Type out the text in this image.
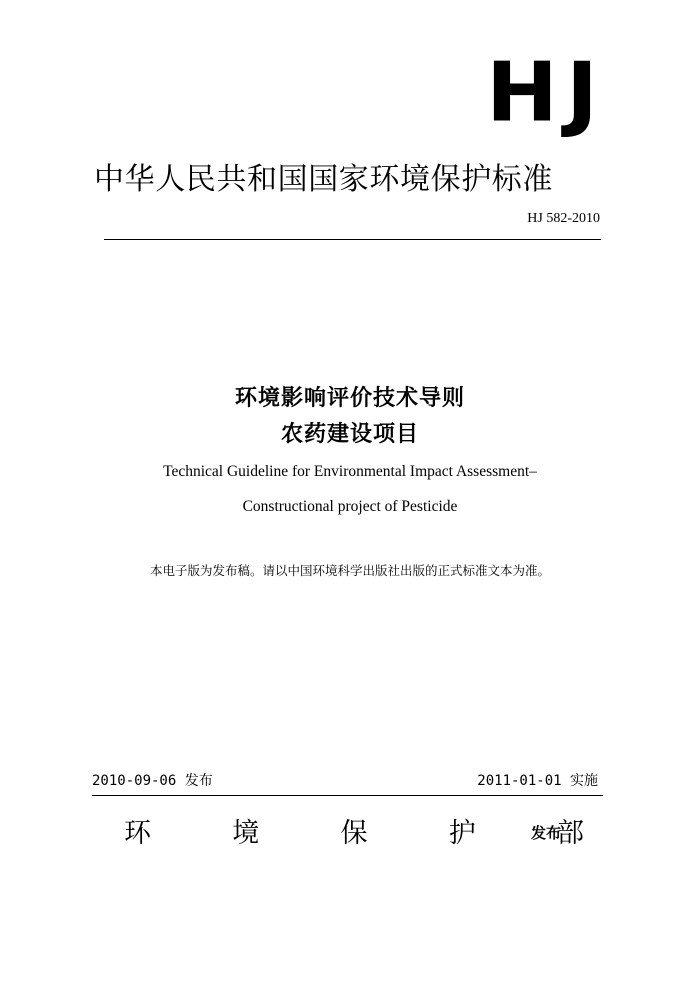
HJ
中华人民共和国国家环境保护标准
HJ 582-2010
环境影响评价技术导则
农药建设项目
Technical Guideline for Environmental Impact Assessment–
Constructional project of Pesticide
本电子版为发布稿。请以中国环境科学出版社出版的正式标准文本为准。
2010-09-06 发布	2011-01-01 实施
环	境	保	护	部
发布
